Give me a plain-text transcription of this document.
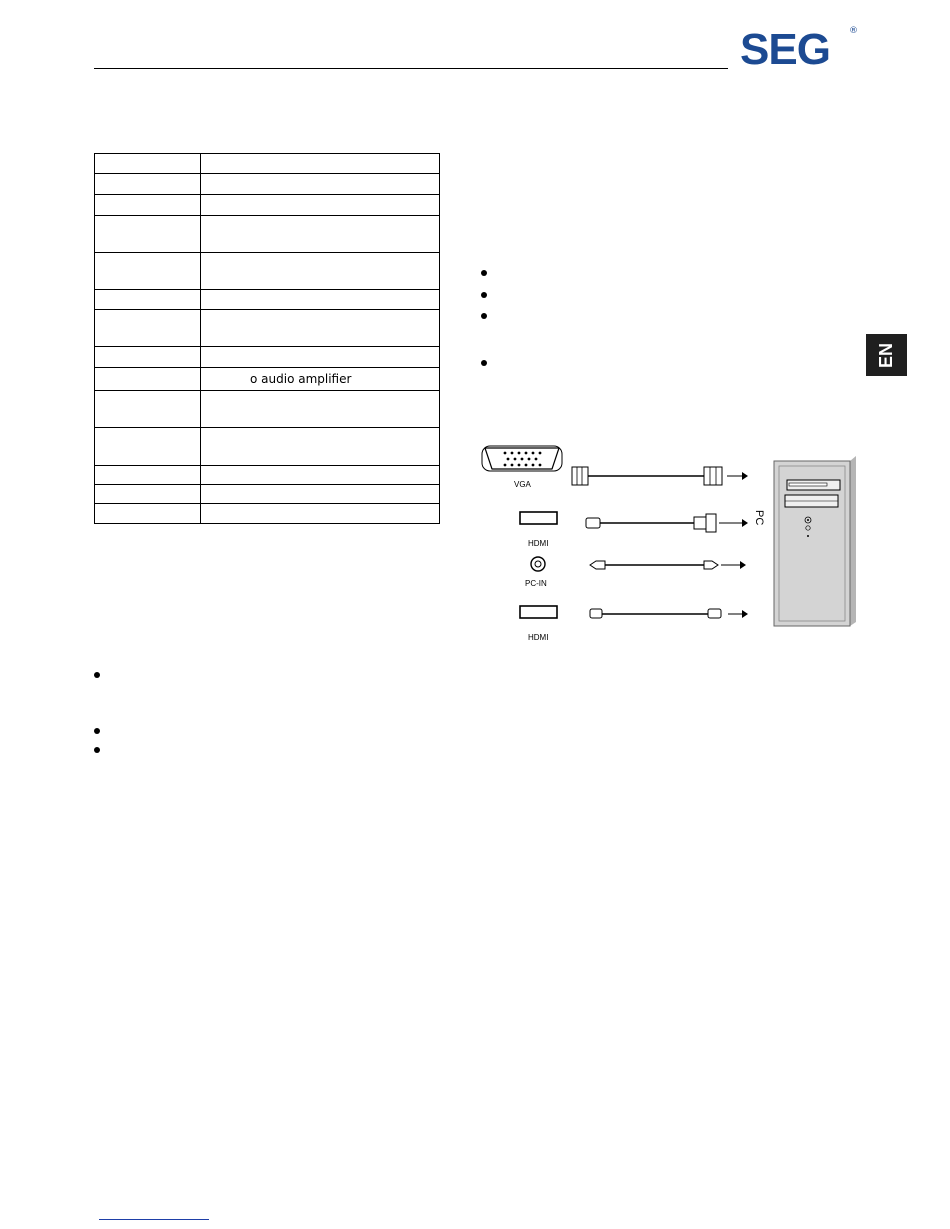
SEG ®
EN

	o audio amplifier

VGA
HDMI
PC-IN
HDMI
PC
